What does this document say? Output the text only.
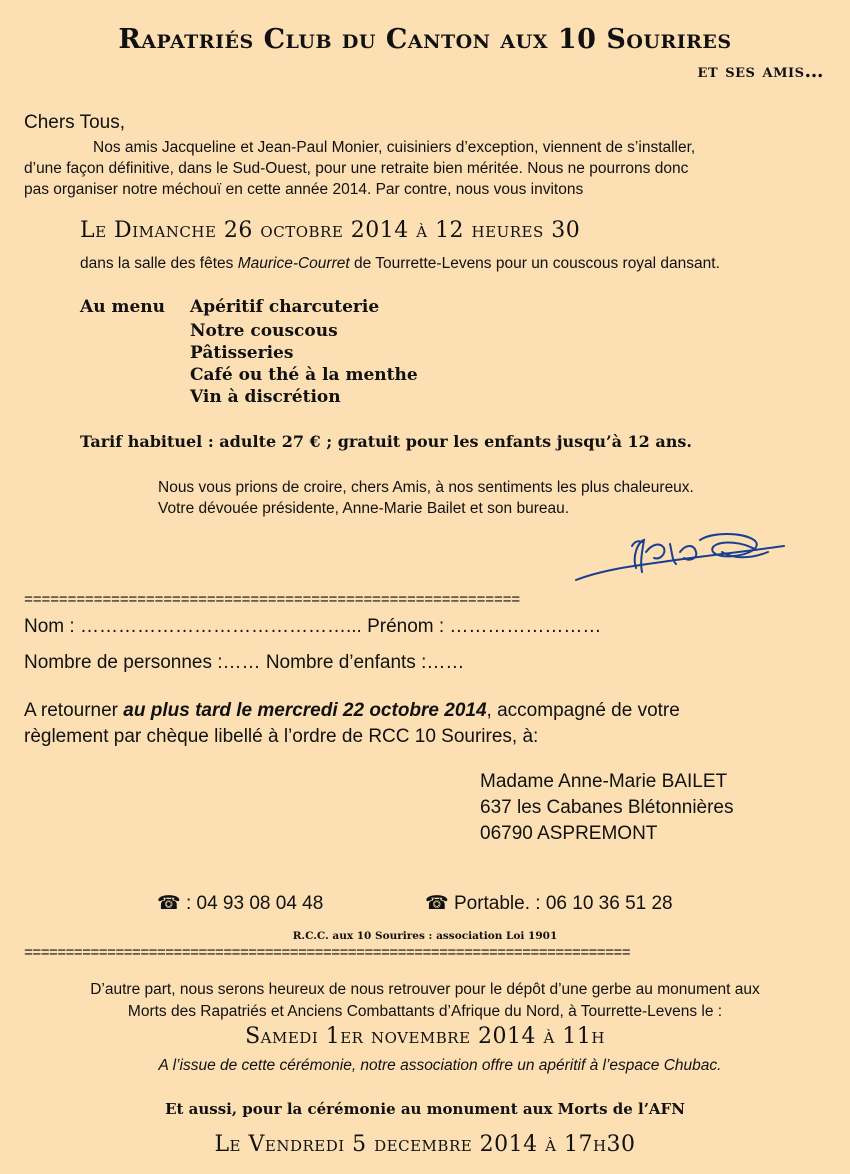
Rapatriés Club du Canton aux 10 Sourires
et ses amis…
Chers Tous,
Nos amis Jacqueline et Jean-Paul Monier, cuisiniers d’exception, viennent de s’installer,
d’une façon définitive, dans le Sud-Ouest, pour une retraite bien méritée. Nous ne pourrons donc
pas organiser notre méchouï en cette année 2014. Par contre, nous vous invitons
Le Dimanche 26 octobre 2014 à 12 heures 30
dans la salle des fêtes Maurice-Courret de Tourrette-Levens pour un couscous royal dansant.
Au menu Apéritif charcuterie
Notre couscous
Pâtisseries
Café ou thé à la menthe
Vin à discrétion
Tarif habituel : adulte 27 € ; gratuit pour les enfants jusqu’à 12 ans.
Nous vous prions de croire, chers Amis, à nos sentiments les plus chaleureux.
Votre dévouée présidente, Anne-Marie Bailet et son bureau.
=========================================================
Nom : ……………………………………... Prénom : ……………………
Nombre de personnes :…… Nombre d’enfants :……
A retourner au plus tard le mercredi 22 octobre 2014, accompagné de votre
règlement par chèque libellé à l’ordre de RCC 10 Sourires, à:
Madame Anne-Marie BAILET
637 les Cabanes Blétonnières
06790 ASPREMONT
☎ : 04 93 08 04 48	☎ Portable. : 06 10 36 51 28
R.C.C. aux 10 Sourires : association Loi 1901
=========================================================================
D’autre part, nous serons heureux de nous retrouver pour le dépôt d’une gerbe au monument aux
Morts des Rapatriés et Anciens Combattants d’Afrique du Nord, à Tourrette-Levens le :
Samedi 1er novembre 2014 à 11h
A l’issue de cette cérémonie, notre association offre un apéritif à l’espace Chubac.
Et aussi, pour la cérémonie au monument aux Morts de l’AFN
Le Vendredi 5 decembre 2014 à 17h30
